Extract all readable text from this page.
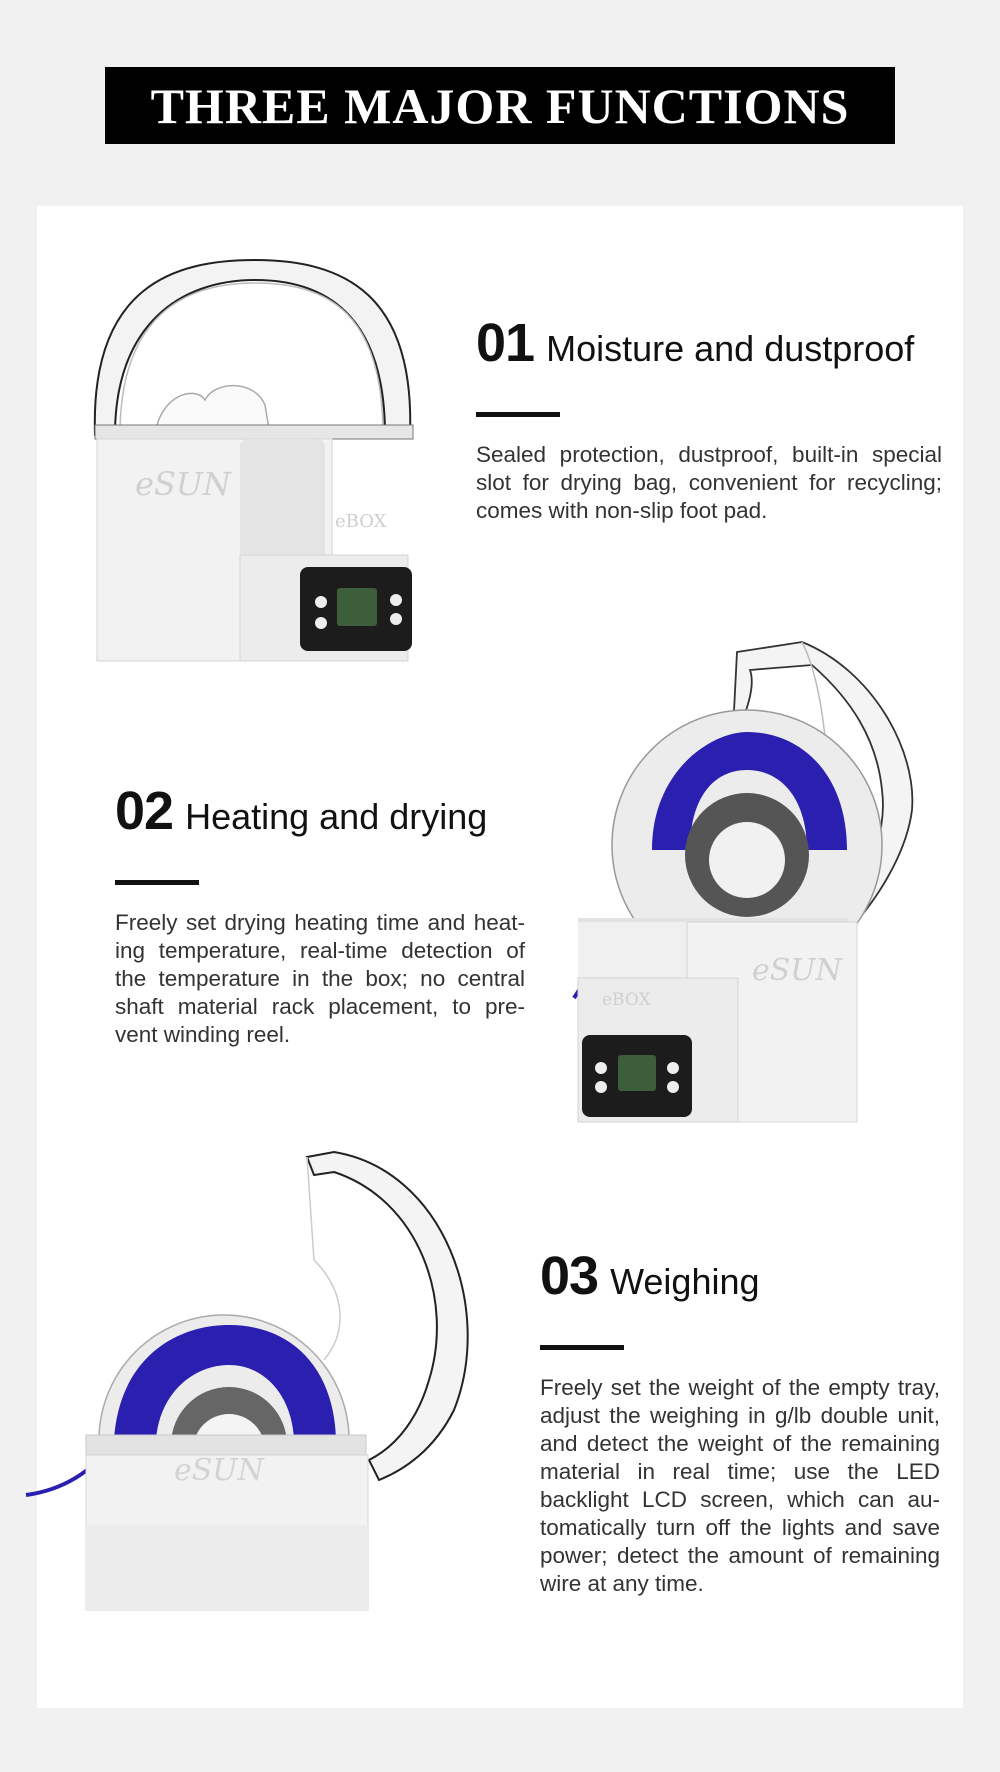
THREE MAJOR FUNCTIONS
01 Moisture and dustproof
Sealed protection, dustproof, built-in special slot for drying bag, convenient for recycling; comes with non-slip foot pad.
02 Heating and drying
Freely set drying heating time and heat- ing temperature, real-time detection of the temperature in the box; no central shaft material rack placement, to pre- vent winding reel.
03 Weighing
Freely set the weight of the empty tray, adjust the weighing in g/lb double unit, and detect the weight of the remaining material in real time; use the LED backlight LCD screen, which can au- tomatically turn off the lights and save power; detect the amount of remaining wire at any time.
eSUN
eBOX
eSUN
eBOX
eSUN
